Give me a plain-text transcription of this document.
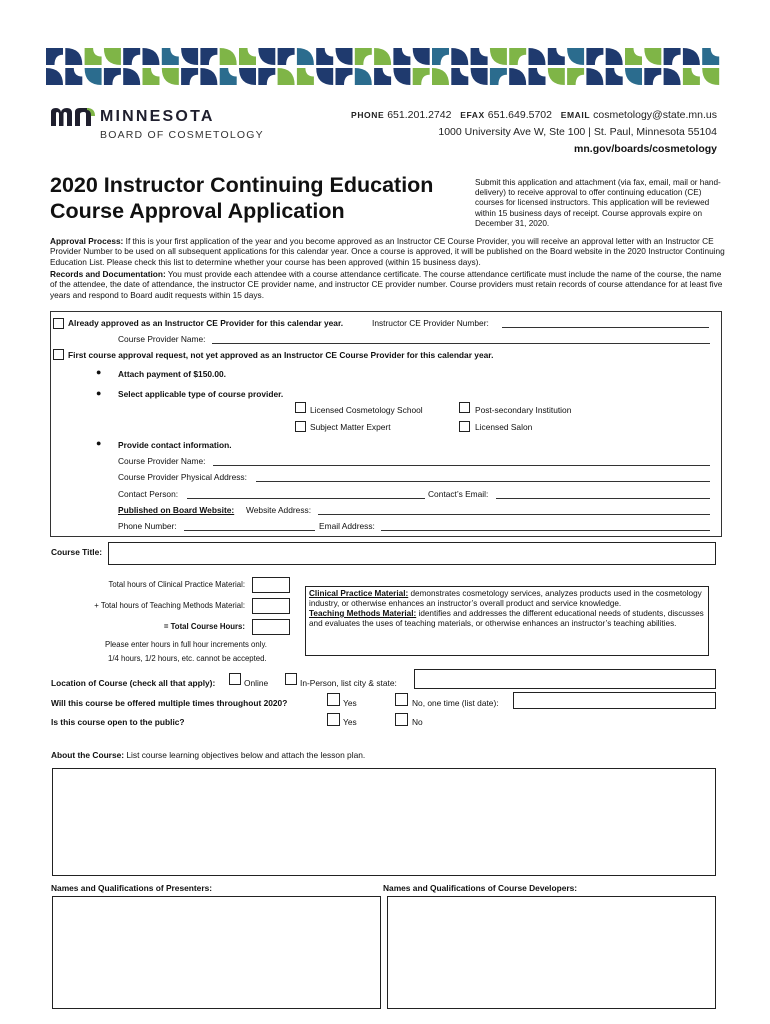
MINNESOTA
BOARD OF COSMETOLOGY
PHONE 651.201.2742 EFAX 651.649.5702 EMAIL cosmetology@state.mn.us
1000 University Ave W, Ste 100 | St. Paul, Minnesota 55104
mn.gov/boards/cosmetology
2020 Instructor Continuing Education
Course Approval Application
Submit this application and attachment (via fax, email, mail or hand-delivery) to receive approval to offer continuing education (CE) courses for licensed instructors. This application will be reviewed within 15 business days of receipt. Course approvals expire on December 31, 2020.
Approval Process: If this is your first application of the year and you become approved as an Instructor CE Course Provider, you will receive an approval letter with an Instructor CE Provider Number to be used on all subsequent applications for this calendar year. Once a course is approved, it will be published on the Board website in the 2020 Instructor Continuing Education List. Please check this list to determine whether your course has been approved (within 15 business days).
Records and Documentation: You must provide each attendee with a course attendance certificate. The course attendance certificate must include the name of the course, the name of the attendee, the date of attendance, the instructor CE provider name, and instructor CE provider number. Course providers must retain records of course attendance for at least five years and respond to Board audit requests within 15 days.
Already approved as an Instructor CE Provider for this calendar year.	Instructor CE Provider Number:
Course Provider Name:
First course approval request, not yet approved as an Instructor CE Course Provider for this calendar year.
● Attach payment of $150.00.
● Select applicable type of course provider.
Licensed Cosmetology School	Post-secondary Institution
Subject Matter Expert	Licensed Salon
● Provide contact information.
Course Provider Name:
Course Provider Physical Address:
Contact Person:	Contact’s Email:
Published on Board Website: Website Address:
Phone Number:	Email Address:
Course Title:
Total hours of Clinical Practice Material:
+ Total hours of Teaching Methods Material:
= Total Course Hours:
Please enter hours in full hour increments only.
1/4 hours, 1/2 hours, etc. cannot be accepted.
Clinical Practice Material: demonstrates cosmetology services, analyzes products used in the cosmetology industry, or otherwise enhances an instructor’s overall product and service knowledge.
Teaching Methods Material: identifies and addresses the different educational needs of students, discusses and evaluates the uses of teaching materials, or otherwise enhances an instructor’s teaching abilities.
Location of Course (check all that apply):	Online	In-Person, list city & state:
Will this course be offered multiple times throughout 2020?	Yes	No, one time (list date):
Is this course open to the public?	Yes	No
About the Course: List course learning objectives below and attach the lesson plan.
Names and Qualifications of Presenters:	Names and Qualifications of Course Developers:
